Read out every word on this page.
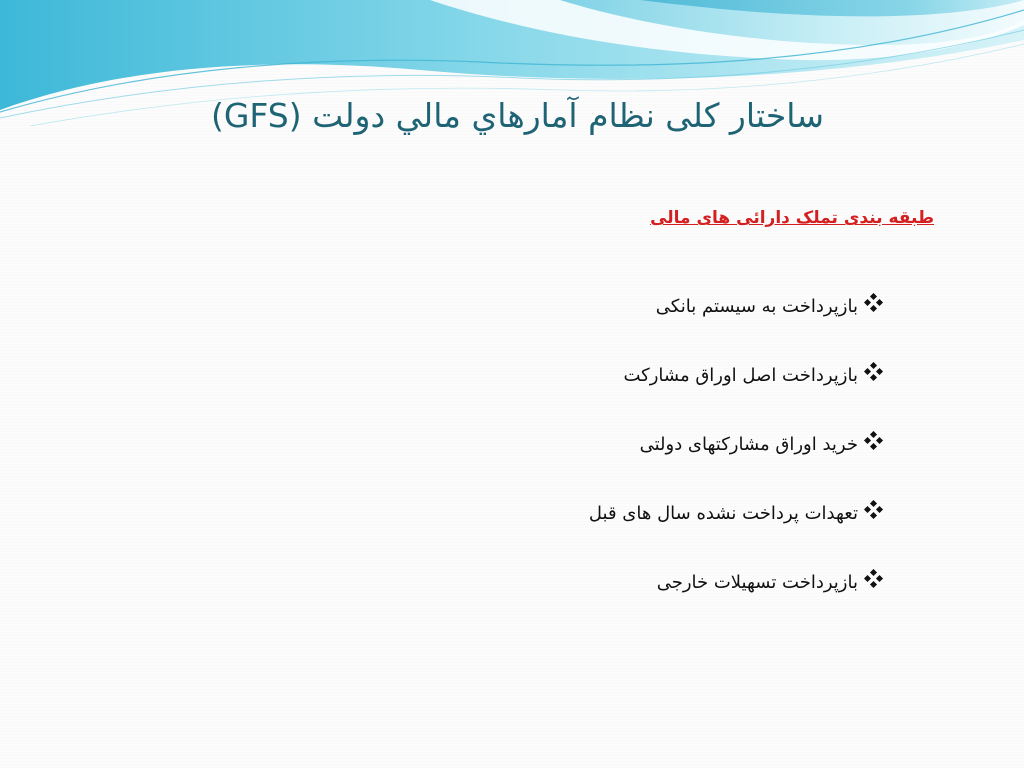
ساختار کلی نظام آمارهاي مالي دولت (GFS)
طبقه بندی تملک دارائی های مالی
بازپرداخت به سیستم بانکی
بازپرداخت اصل اوراق مشارکت
خرید اوراق مشارکتهای دولتی
تعهدات پرداخت نشده سال های قبل
بازپرداخت تسهیلات خارجی
